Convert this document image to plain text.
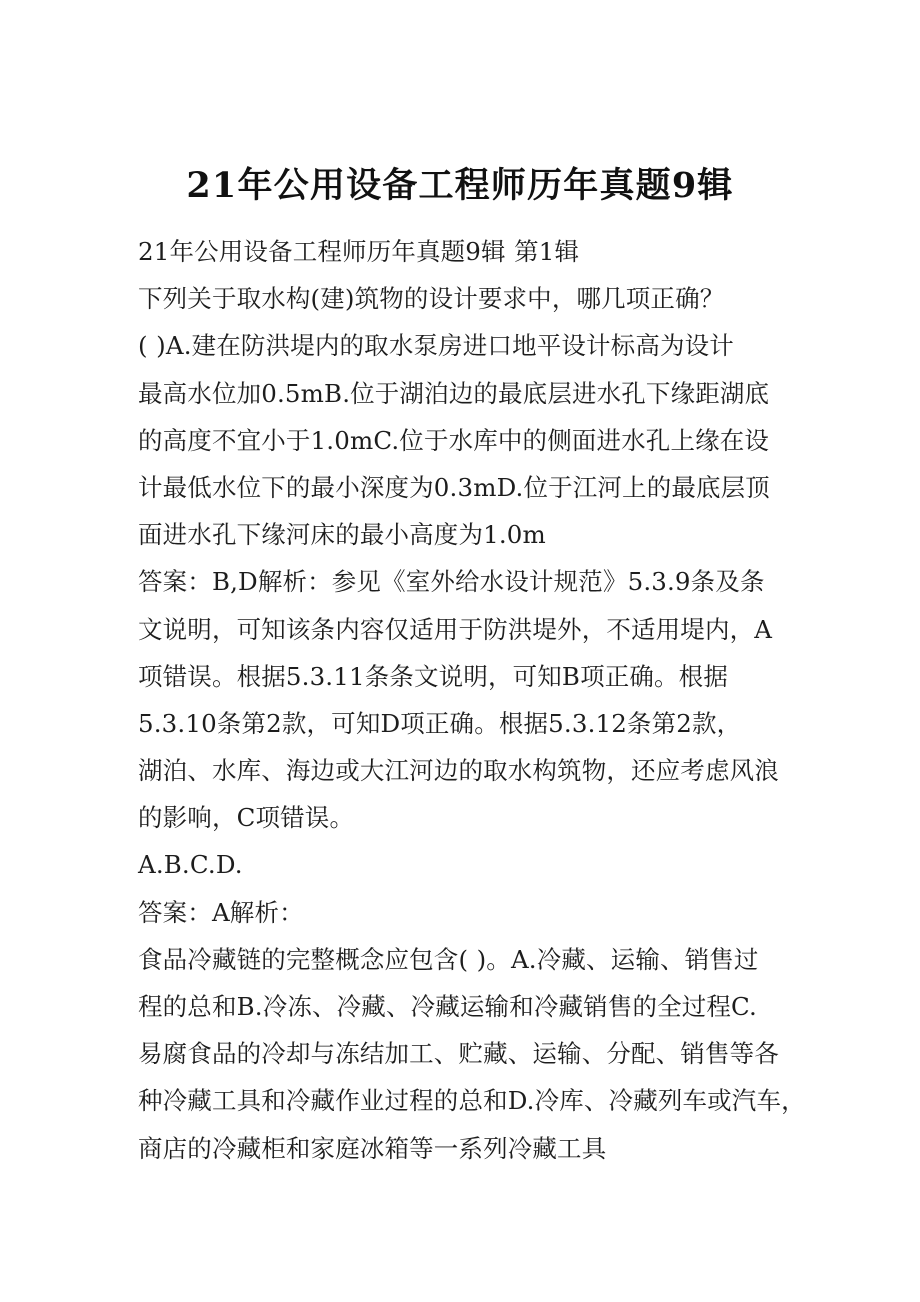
21年公用设备工程师历年真题9辑
21年公用设备工程师历年真题9辑 第1辑
下列关于取水构(建)筑物的设计要求中，哪几项正确？
( )A.建在防洪堤内的取水泵房进口地平设计标高为设计
最高水位加0.5mB.位于湖泊边的最底层进水孔下缘距湖底
的高度不宜小于1.0mC.位于水库中的侧面进水孔上缘在设
计最低水位下的最小深度为0.3mD.位于江河上的最底层顶
面进水孔下缘河床的最小高度为1.0m
答案：B,D解析：参见《室外给水设计规范》5.3.9条及条
文说明，可知该条内容仅适用于防洪堤外，不适用堤内，A
项错误。根据5.3.11条条文说明，可知B项正确。根据
5.3.10条第2款，可知D项正确。根据5.3.12条第2款，
湖泊、水库、海边或大江河边的取水构筑物，还应考虑风浪
的影响，C项错误。
A.B.C.D.
答案：A解析：
食品冷藏链的完整概念应包含( )。A.冷藏、运输、销售过
程的总和B.冷冻、冷藏、冷藏运输和冷藏销售的全过程C.
易腐食品的冷却与冻结加工、贮藏、运输、分配、销售等各
种冷藏工具和冷藏作业过程的总和D.冷库、冷藏列车或汽车，
商店的冷藏柜和家庭冰箱等一系列冷藏工具
